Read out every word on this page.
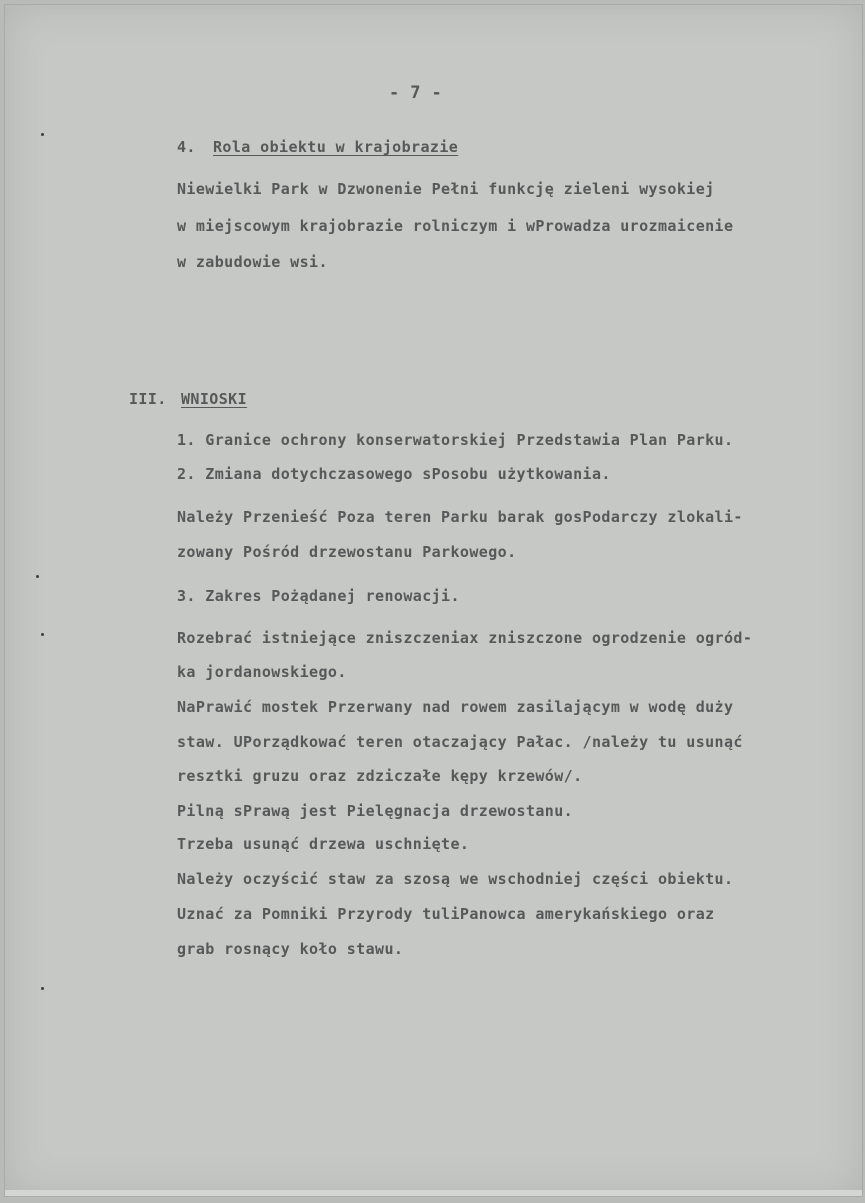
- 7 -
4. Rola obiektu w krajobrazie
Niewielki Park w Dzwonenie Pełni funkcję zieleni wysokiej
w miejscowym krajobrazie rolniczym i wProwadza urozmaicenie
w zabudowie wsi.
III. WNIOSKI
1. Granice ochrony konserwatorskiej Przedstawia Plan Parku.
2. Zmiana dotychczasowego sPosobu użytkowania.
Należy Przenieść Poza teren Parku barak gosPodarczy zlokali-
zowany Pośród drzewostanu Parkowego.
3. Zakres Pożądanej renowacji.
Rozebrać istniejące zniszczeniax zniszczone ogrodzenie ogród-
ka jordanowskiego.
NaPrawić mostek Przerwany nad rowem zasilającym w wodę duży
staw. UPorządkować teren otaczający Pałac. /należy tu usunąć
resztki gruzu oraz zdziczałe kępy krzewów/.
Pilną sPrawą jest Pielęgnacja drzewostanu.
Trzeba usunąć drzewa uschnięte.
Należy oczyścić staw za szosą we wschodniej części obiektu.
Uznać za Pomniki Przyrody tuliPanowca amerykańskiego oraz
grab rosnący koło stawu.
